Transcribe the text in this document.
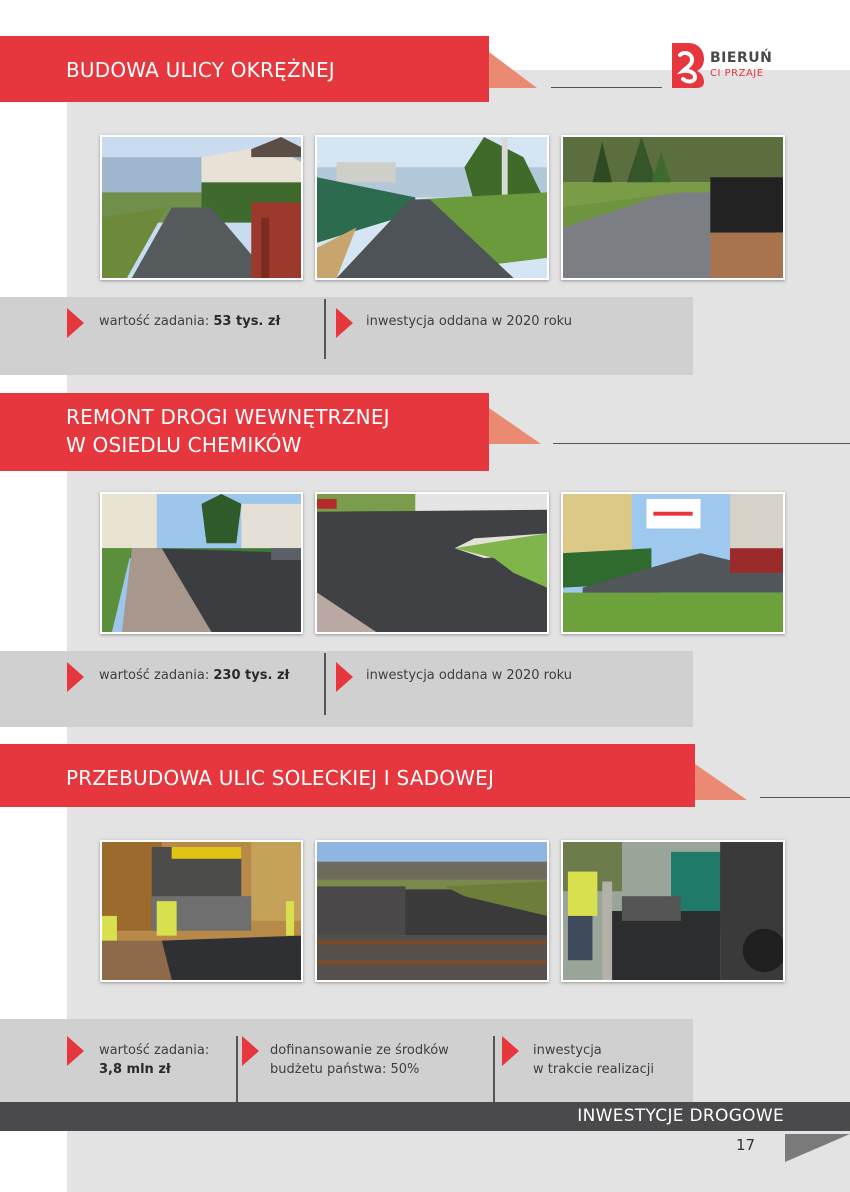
BUDOWA ULICY OKRĘŻNEJ	BIERUŃ
CI PRZAJE
wartość zadania: 53 tys. zł	inwestycja oddana w 2020 roku
REMONT DROGI WEWNĘTRZNEJ
W OSIEDLU CHEMIKÓW
wartość zadania: 230 tys. zł	inwestycja oddana w 2020 roku
PRZEBUDOWA ULIC SOLECKIEJ I SADOWEJ
wartość zadania:
3,8 mln zł
dofinansowanie ze środków
budżetu państwa: 50%
inwestycja
w trakcie realizacji
INWESTYCJE DROGOWE
17
